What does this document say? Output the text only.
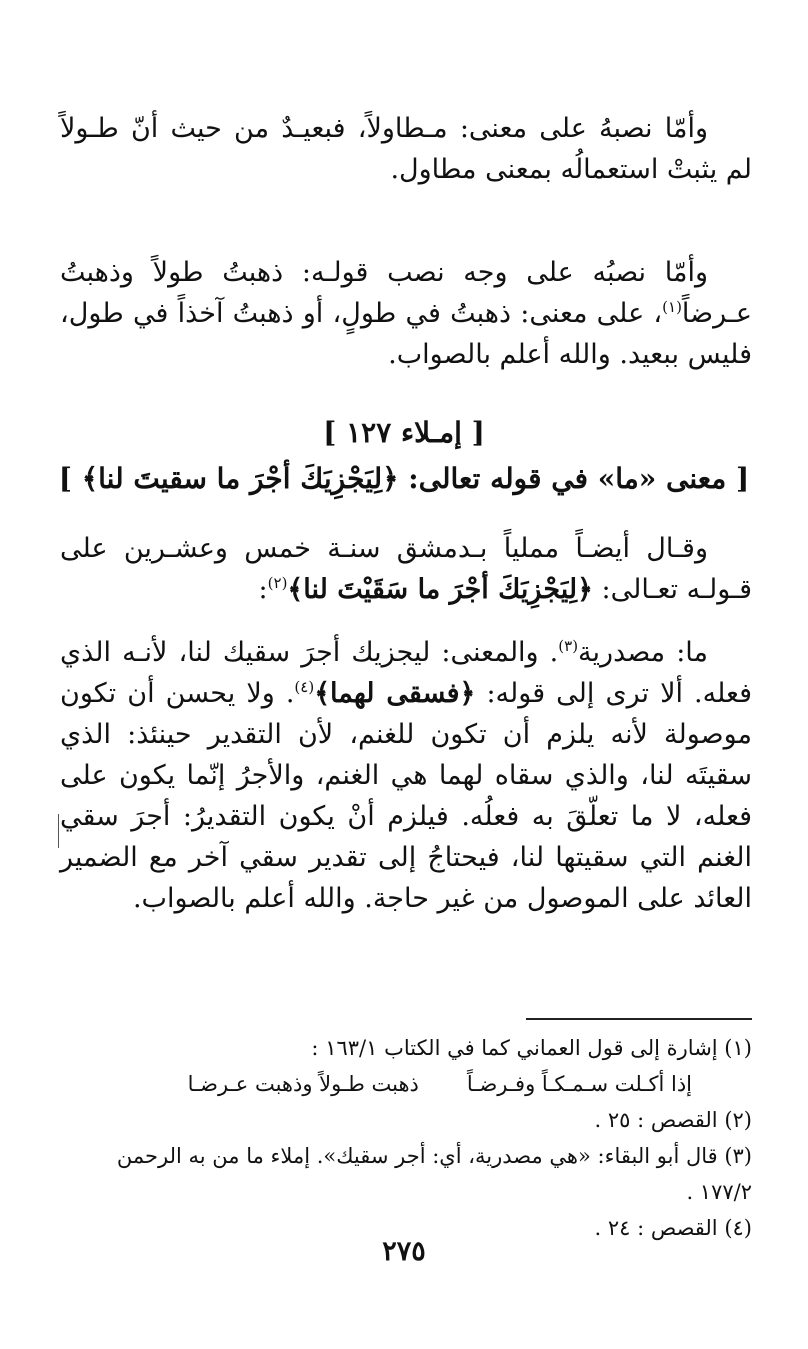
وأمّا نصبهُ على معنى: مـطاولاً، فبعيـدٌ من حيث أنّ طـولاً لم يثبتْ استعمالُه بمعنى مطاول.

وأمّا نصبُه على وجه نصب قولـه: ذهبتُ طولاً وذهبتُ عـرضاً$^{(١)}$، على معنى: ذهبتُ في طولٍ، أو ذهبتُ آخذاً في طول، فليس ببعيد. والله أعلم بالصواب.

[ إمـلاء ١٢٧ ]

[ معنى «ما» في قوله تعالى: ﴿لِيَجْزِيَكَ أجْرَ ما سقيتَ لنا﴾ ]

وقـال أيضـاً مملياً بـدمشق سنـة خمس وعشـرين على قـولـه تعـالى: ﴿لِيَجْزِيَكَ أجْرَ ما سَقَيْتَ لنا﴾$^{(٢)}$:

ما: مصدرية$^{(٣)}$. والمعنى: ليجزيك أجرَ سقيك لنا، لأنـه الذي فعله. ألا ترى إلى قوله: ﴿فسقى لهما﴾$^{(٤)}$. ولا يحسن أن تكون موصولة لأنه يلزم أن تكون للغنم، لأن التقدير حينئذ: الذي سقيتَه لنا، والذي سقاه لهما هي الغنم، والأجرُ إنّما يكون على فعله، لا ما تعلّقَ به فعلُه. فيلزم أنْ يكون التقديرُ: أجرَ سقي الغنم التي سقيتها لنا، فيحتاجُ إلى تقدير سقي آخر مع الضمير العائد على الموصول من غير حاجة. والله أعلم بالصواب.

(١) إشارة إلى قول العماني كما في الكتاب ١٦٣/١ :

إذا أكـلت سـمـكـاً وفـرضـاً
ذهبت طـولاً وذهبت عـرضـا

(٢) القصص : ٢٥ .

(٣) قال أبو البقاء: «هي مصدرية، أي: أجر سقيك». إملاء ما من به الرحمن ١٧٧/٢ .

(٤) القصص : ٢٤ .

٢٧٥
